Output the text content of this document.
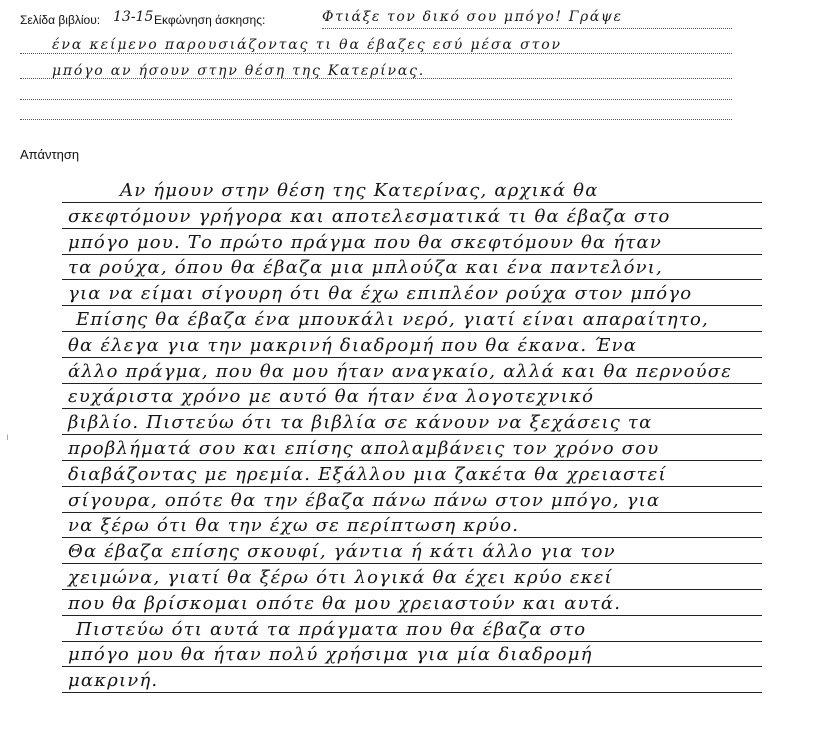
Σελίδα βιβλίου: 13-15 Εκφώνηση άσκησης:	Φτιάξε τον δικό σου μπόγο! Γράψε
ένα κείμενο παρουσιάζοντας τι θα έβαζες εσύ μέσα στον
μπόγο αν ήσουν στην θέση της Κατερίνας.
Απάντηση
ı
Αν ήμουν στην θέση της Κατερίνας, αρχικά θα
σκεφτόμουν γρήγορα και αποτελεσματικά τι θα έβαζα στο
μπόγο μου. Το πρώτο πράγμα που θα σκεφτόμουν θα ήταν
τα ρούχα, όπου θα έβαζα μια μπλούζα και ένα παντελόνι,
για να είμαι σίγουρη ότι θα έχω επιπλέον ρούχα στον μπόγο
Επίσης θα έβαζα ένα μπουκάλι νερό, γιατί είναι απαραίτητο,
θα έλεγα για την μακρινή διαδρομή που θα έκανα. Ένα
άλλο πράγμα, που θα μου ήταν αναγκαίο, αλλά και θα περνούσε
ευχάριστα χρόνο με αυτό θα ήταν ένα λογοτεχνικό
βιβλίο. Πιστεύω ότι τα βιβλία σε κάνουν να ξεχάσεις τα
προβλήματά σου και επίσης απολαμβάνεις τον χρόνο σου
διαβάζοντας με ηρεμία. Εξάλλου μια ζακέτα θα χρειαστεί
σίγουρα, οπότε θα την έβαζα πάνω πάνω στον μπόγο, για
να ξέρω ότι θα την έχω σε περίπτωση κρύο.
Θα έβαζα επίσης σκουφί, γάντια ή κάτι άλλο για τον
χειμώνα, γιατί θα ξέρω ότι λογικά θα έχει κρύο εκεί
που θα βρίσκομαι οπότε θα μου χρειαστούν και αυτά.
Πιστεύω ότι αυτά τα πράγματα που θα έβαζα στο
μπόγο μου θα ήταν πολύ χρήσιμα για μία διαδρομή
μακρινή.
